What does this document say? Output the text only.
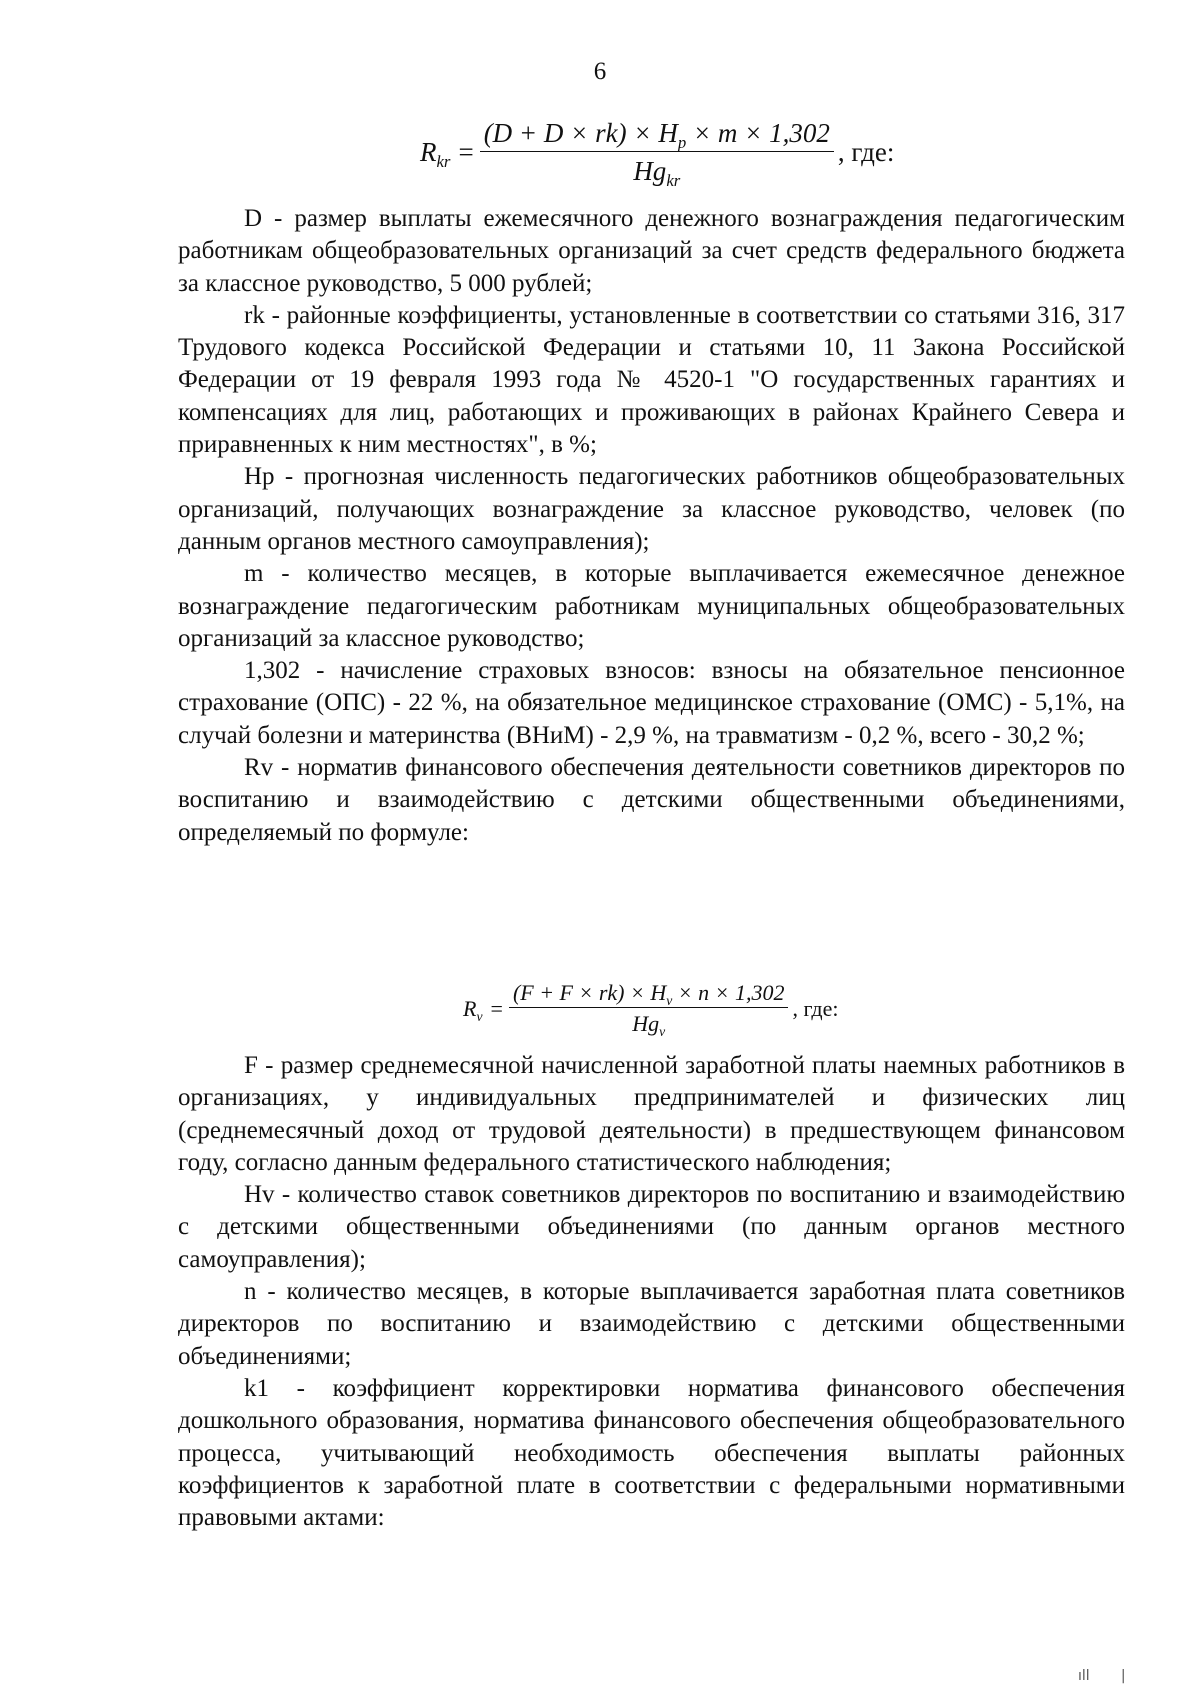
6
$R_{kr} = \frac{(D + D \times rk) \times H_p \times m \times 1,302}{Hg_{kr}}$ , где:

D - размер выплаты ежемесячного денежного вознаграждения педагогическим работникам общеобразовательных организаций за счет средств федерального бюджета за классное руководство, 5 000 рублей;

rk - районные коэффициенты, установленные в соответствии со статьями 316, 317 Трудового кодекса Российской Федерации и статьями 10, 11 Закона Российской Федерации от 19 февраля 1993 года № 4520-1 "О государственных гарантиях и компенсациях для лиц, работающих и проживающих в районах Крайнего Севера и приравненных к ним местностях", в %;

Hp - прогнозная численность педагогических работников общеобразовательных организаций, получающих вознаграждение за классное руководство, человек (по данным органов местного самоуправления);

m - количество месяцев, в которые выплачивается ежемесячное денежное вознаграждение педагогическим работникам муниципальных общеобразовательных организаций за классное руководство;

1,302 - начисление страховых взносов: взносы на обязательное пенсионное страхование (ОПС) - 22 %, на обязательное медицинское страхование (ОМС) - 5,1%, на случай болезни и материнства (ВНиМ) - 2,9 %, на травматизм - 0,2 %, всего - 30,2 %;

Rv - норматив финансового обеспечения деятельности советников директоров по воспитанию и взаимодействию с детскими общественными объединениями, определяемый по формуле:

$R_v = \frac{(F + F \times rk) \times H_v \times n \times 1,302}{Hg_v}$ , где:

F - размер среднемесячной начисленной заработной платы наемных работников в организациях, у индивидуальных предпринимателей и физических лиц (среднемесячный доход от трудовой деятельности) в предшествующем финансовом году, согласно данным федерального статистического наблюдения;

Hv - количество ставок советников директоров по воспитанию и взаимодействию с детскими общественными объединениями (по данным органов местного самоуправления);

n - количество месяцев, в которые выплачивается заработная плата советников директоров по воспитанию и взаимодействию с детскими общественными объединениями;

k1 - коэффициент корректировки норматива финансового обеспечения дошкольного образования, норматива финансового обеспечения общеобразовательного процесса, учитывающий необходимость обеспечения выплаты районных коэффициентов к заработной плате в соответствии с федеральными нормативными правовыми актами:

ıll       |
